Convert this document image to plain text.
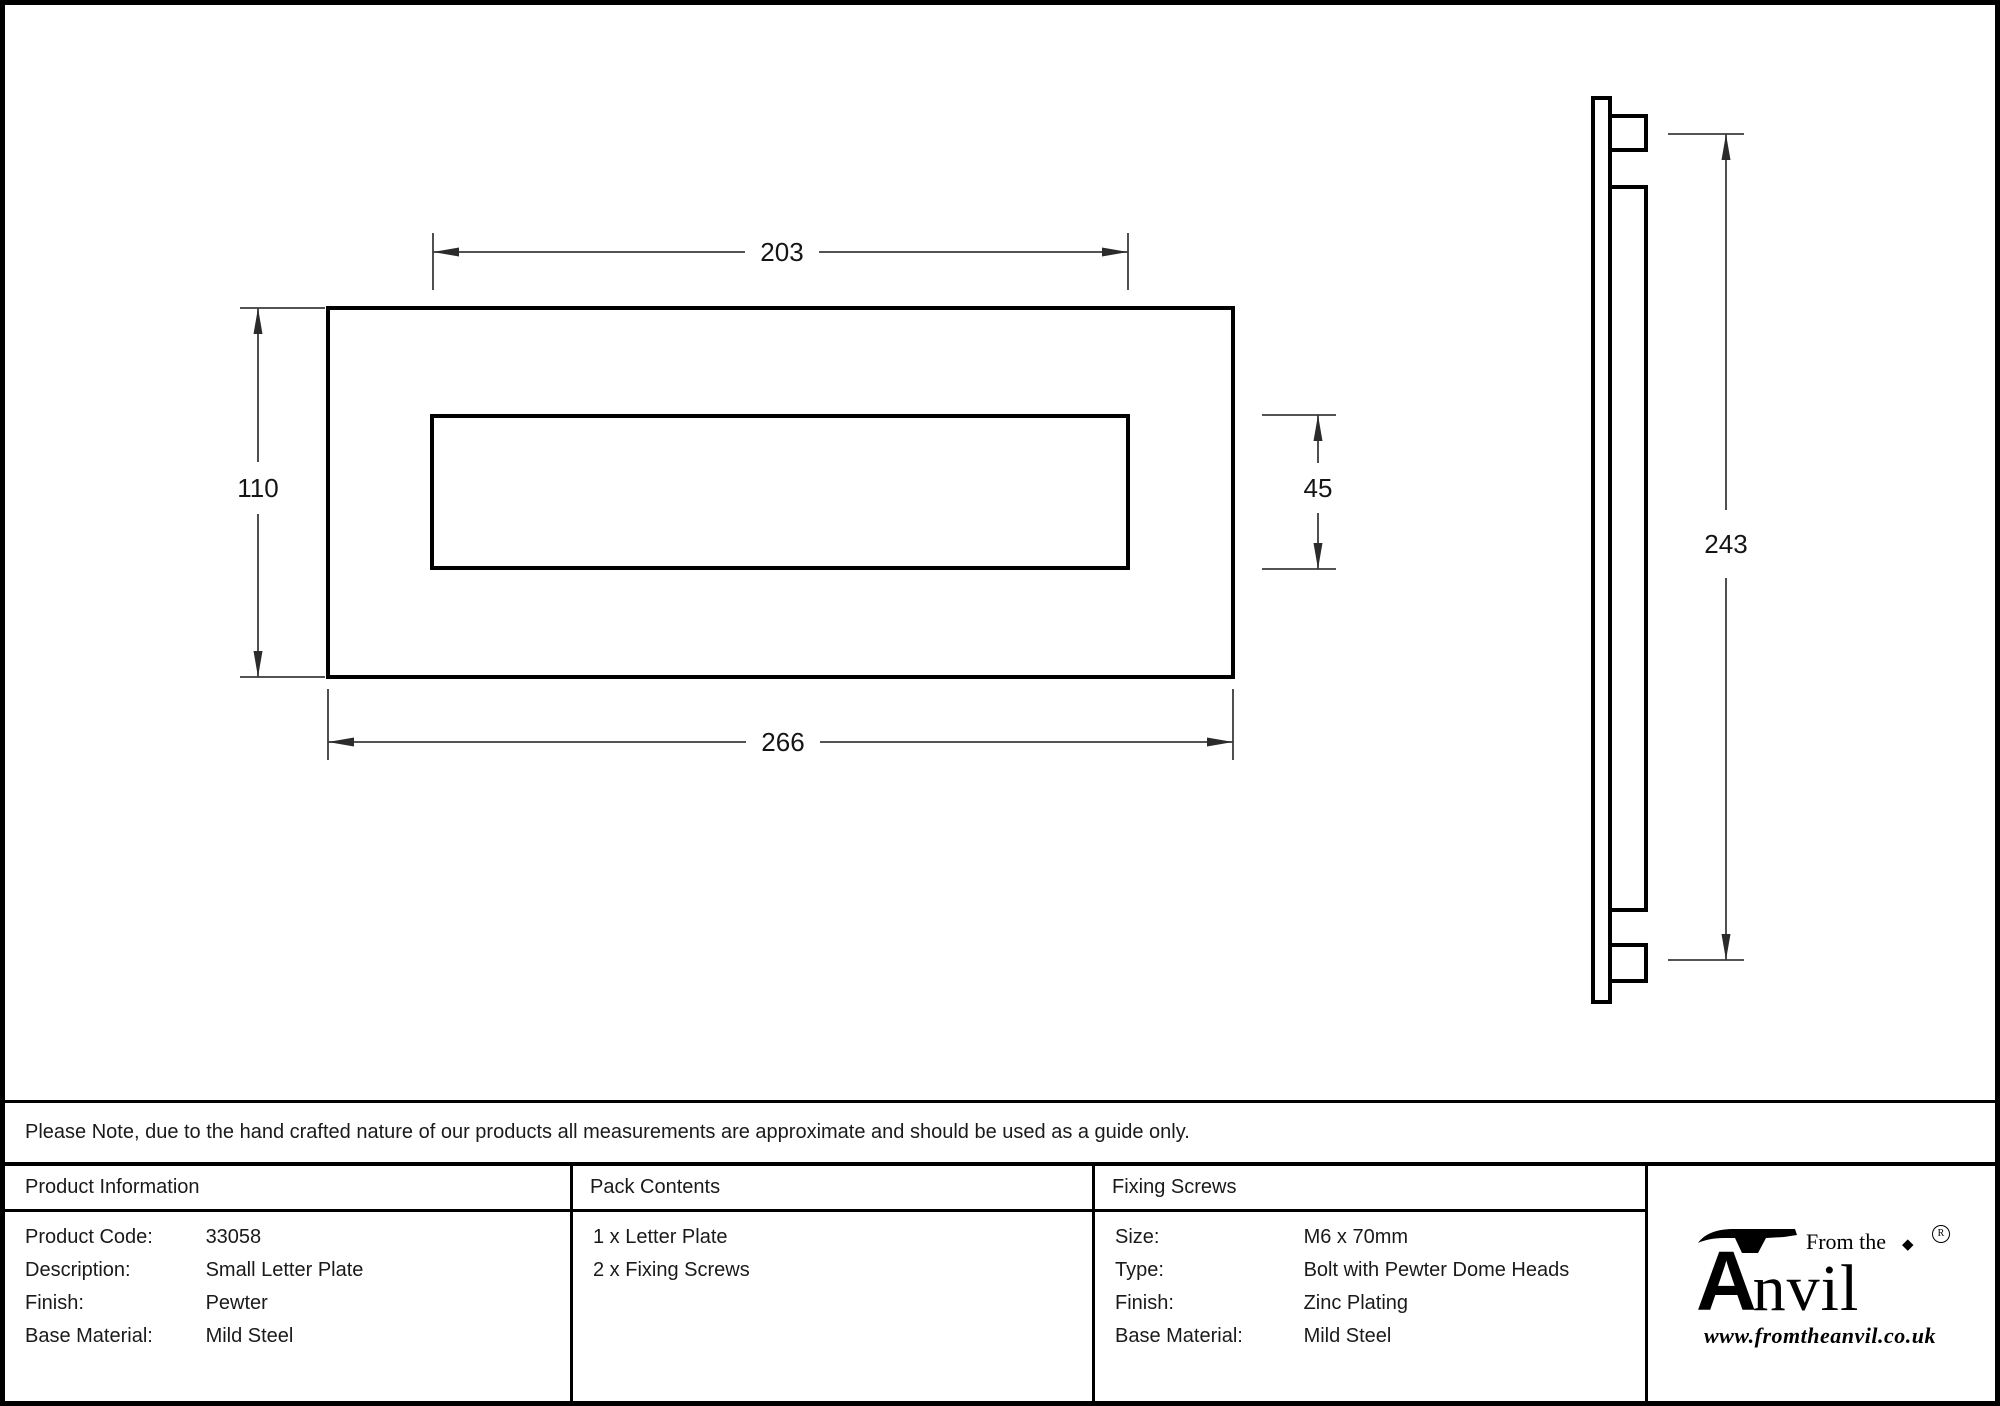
203
110	45
266
243
Please Note, due to the hand crafted nature of our products all measurements are approximate and should be used as a guide only.
Product Information	Pack Contents	Fixing Screws
Product Code:	33058
Description:	Small Letter Plate
Finish:	Pewter
Base Material:	Mild Steel
1 x Letter Plate
2 x Fixing Screws
Size:	M6 x 70mm
Type:	Bolt with Pewter Dome Heads
Finish:	Zinc Plating
Base Material:	Mild Steel
From the ◆
R
Anvil
www.fromtheanvil.co.uk
